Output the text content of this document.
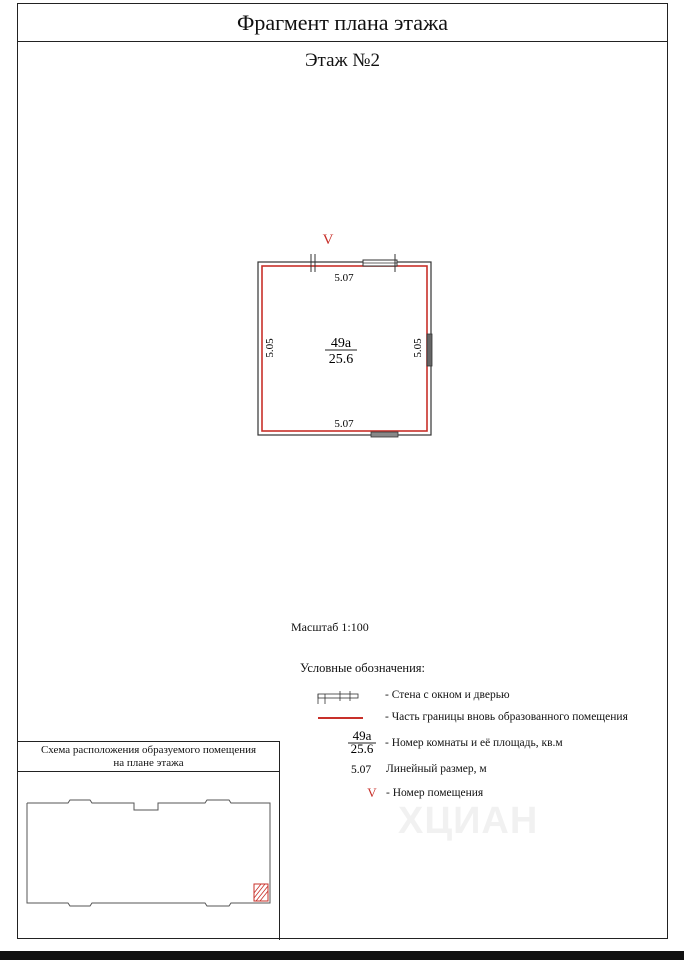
Фрагмент плана этажа
Этаж №2
Схема расположения образуемого помещения
на плане этажа
V
5.07
5.07
5.05	5.05
49а
25.6
49а
25.6
5.07
V
Масштаб 1:100
Условные обозначения:
- Стена с окном и дверью
- Часть границы вновь образованного помещения
- Номер комнаты и её площадь, кв.м
Линейный размер, м
- Номер помещения
ХЦИАН
